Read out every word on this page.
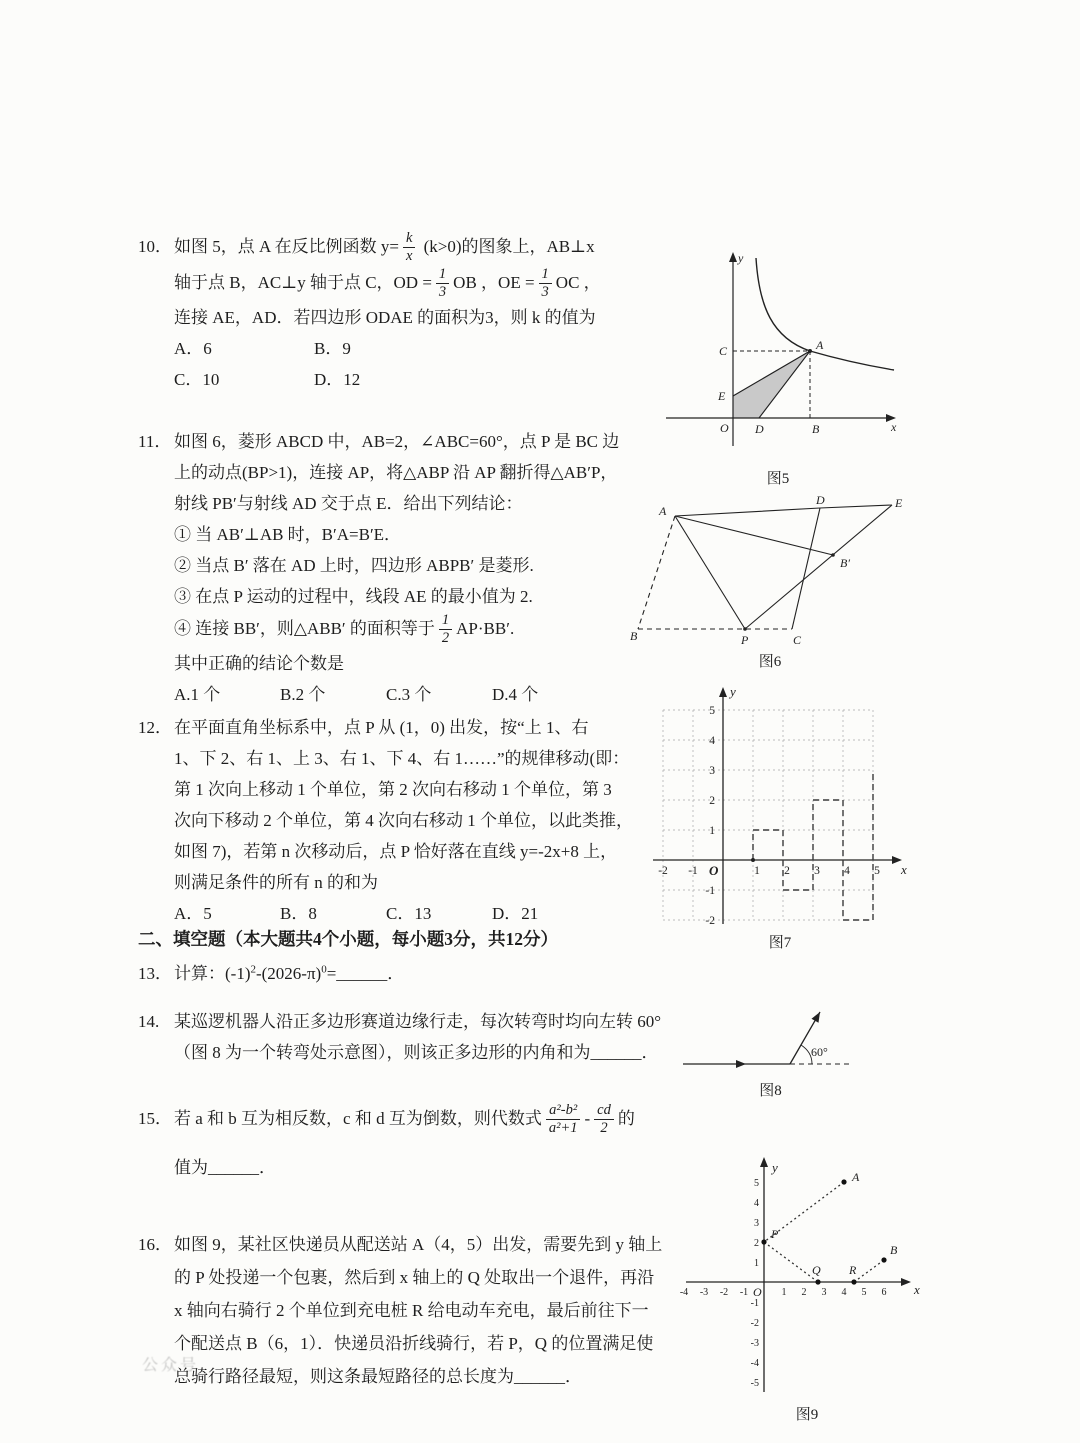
10． 如图 5，点 A 在反比例函数 $y= \frac{k}{x} (k>0)$的图象上，AB⊥x
轴于点 B，AC⊥y 轴于点 C，OD = $\frac{1}{3}$ OB ，OE = $\frac{1}{3}$ OC ，
连接 AE，AD．若四边形 ODAE 的面积为3，则 k 的值为
A．6	B．9
C．10	D．12
11． 如图 6，菱形 ABCD 中，AB=2，∠ABC=60°，点 P 是 BC 边
上的动点(BP>1)，连接 AP，将△ABP 沿 AP 翻折得△AB′P，
射线 PB′与射线 AD 交于点 E．给出下列结论：
① 当 AB′⊥AB 时，B′A=B′E．
② 当点 B′ 落在 AD 上时，四边形 ABPB′ 是菱形.
③ 在点 P 运动的过程中，线段 AE 的最小值为 2.
④ 连接 BB′，则△ABB′ 的面积等于 $\frac{1}{2} AP\cdot BB'$.
其中正确的结论个数是
A.1 个	B.2 个	C.3 个	D.4 个
12． 在平面直角坐标系中，点 P 从 (1，0) 出发，按“上 1、右
1、下 2、右 1、上 3、右 1、下 4、右 1……”的规律移动(即：
第 1 次向上移动 1 个单位，第 2 次向右移动 1 个单位，第 3
次向下移动 2 个单位，第 4 次向右移动 1 个单位，以此类推，
如图 7)，若第 n 次移动后，点 P 恰好落在直线 y=-2x+8 上，
则满足条件的所有 n 的和为
A．5	B．8	C．13	D．21
二、填空题（本大题共4个小题，每小题3分，共12分）
13． 计算：$(-1)^2-(2026-\pi)^0=\_\_\_\_\_\_$．
14. 某巡逻机器人沿正多边形赛道边缘行走，每次转弯时均向左转 60°
（图 8 为一个转弯处示意图），则该正多边形的内角和为______．
15． 若 a 和 b 互为相反数，c 和 d 互为倒数，则代数式 $\frac{\text{a²-b²}}{\text{a²+1}} - \frac{cd}{2}$ 的
值为______．
16． 如图 9，某社区快递员从配送站 A（4，5）出发，需要先到 y 轴上
的 P 处投递一个包裹，然后到 x 轴上的 Q 处取出一个退件，再沿
x 轴向右骑行 2 个单位到充电桩 R 给电动车充电，最后前往下一
个配送点 B（6，1）．快递员沿折线骑行，若 P，Q 的位置满足使
总骑行路径最短，则这条最短路径的总长度为______．
公众号
y
x
C	A
E
O D	B
图5
A
D	E
B′
B	P	C
图6
y
x
O
5
4
3
2
1
-1
-2
-2 -1	1 2 3 4 5
图7
60°
图8
A
P
Q R
B
y
x
O
-4 -3 -2 -1	1 2 3 4 5 6
5
4
3
2
1
-1
-2
-3
-4
-5
图9
